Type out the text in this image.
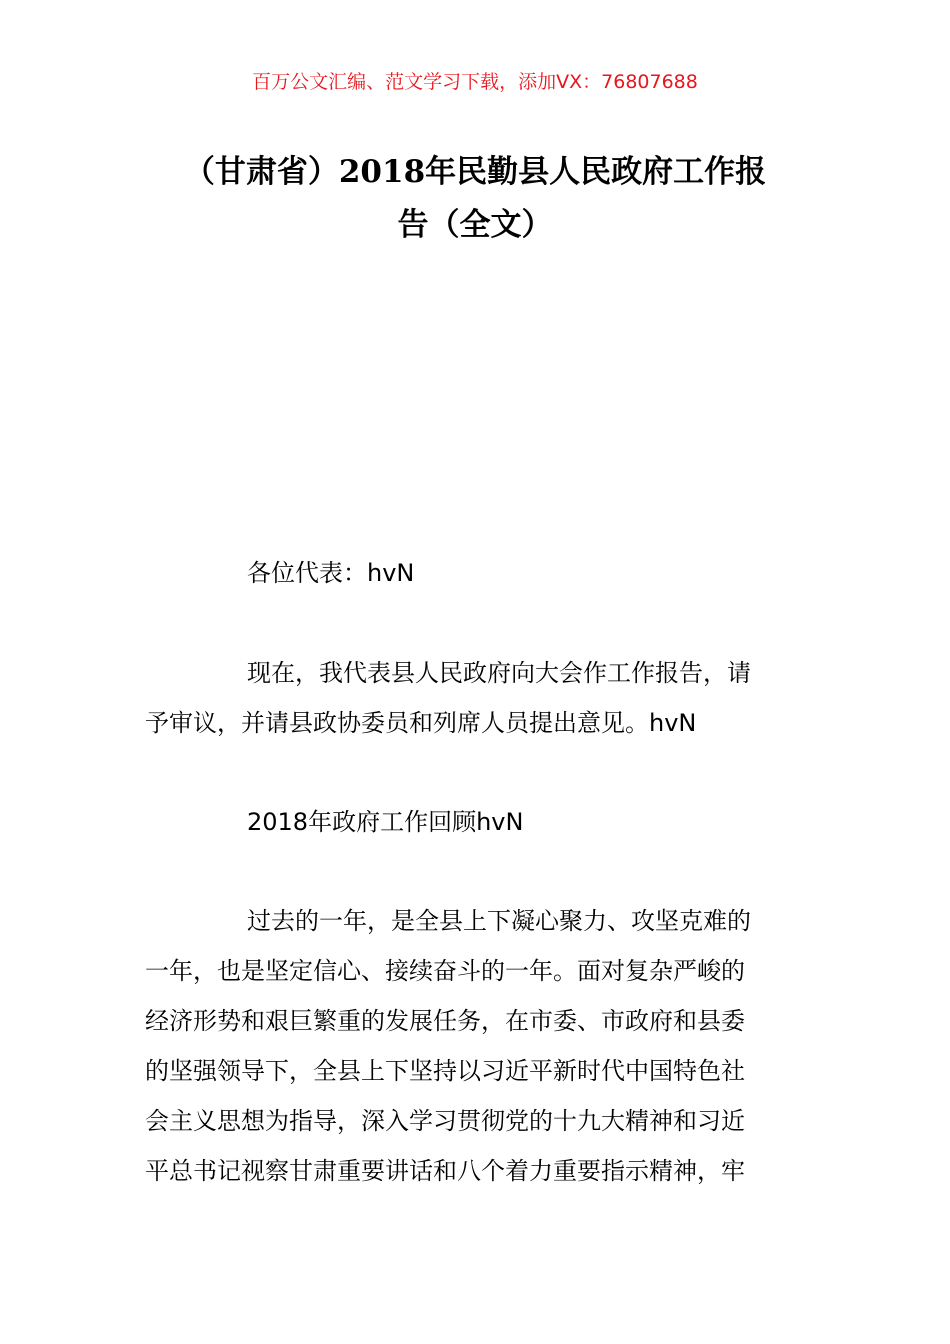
百万公文汇编、范文学习下载，添加VX：76807688
（甘肃省）2018年民勤县人民政府工作报
告（全文）
各位代表：hvN
现在，我代表县人民政府向大会作工作报告，请
予审议，并请县政协委员和列席人员提出意见。hvN
2018年政府工作回顾hvN
过去的一年，是全县上下凝心聚力、攻坚克难的
一年，也是坚定信心、接续奋斗的一年。面对复杂严峻的
经济形势和艰巨繁重的发展任务，在市委、市政府和县委
的坚强领导下，全县上下坚持以习近平新时代中国特色社
会主义思想为指导，深入学习贯彻党的十九大精神和习近
平总书记视察甘肃重要讲话和八个着力重要指示精神，牢
